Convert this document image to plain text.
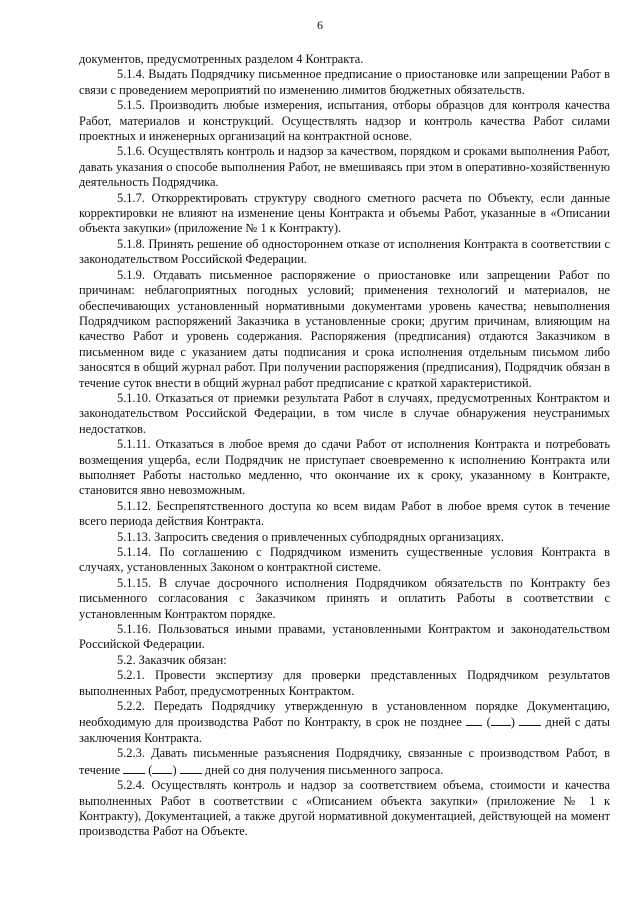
6

документов, предусмотренных разделом 4 Контракта.

5.1.4. Выдать Подрядчику письменное предписание о приостановке или запрещении Работ в связи с проведением мероприятий по изменению лимитов бюджетных обязательств.

5.1.5. Производить любые измерения, испытания, отборы образцов для контроля качества Работ, материалов и конструкций. Осуществлять надзор и контроль качества Работ силами проектных и инженерных организаций на контрактной основе.

5.1.6. Осуществлять контроль и надзор за качеством, порядком и сроками выполнения Работ, давать указания о способе выполнения Работ, не вмешиваясь при этом в оперативно-хозяйственную деятельность Подрядчика.

5.1.7. Откорректировать структуру сводного сметного расчета по Объекту, если данные корректировки не влияют на изменение цены Контракта и объемы Работ, указанные в «Описании объекта закупки» (приложение № 1 к Контракту).

5.1.8. Принять решение об одностороннем отказе от исполнения Контракта в соответствии с законодательством Российской Федерации.

5.1.9. Отдавать письменное распоряжение о приостановке или запрещении Работ по причинам: неблагоприятных погодных условий; применения технологий и материалов, не обеспечивающих установленный нормативными документами уровень качества; невыполнения Подрядчиком распоряжений Заказчика в установленные сроки; другим причинам, влияющим на качество Работ и уровень содержания. Распоряжения (предписания) отдаются Заказчиком в письменном виде с указанием даты подписания и срока исполнения отдельным письмом либо заносятся в общий журнал работ. При получении распоряжения (предписания), Подрядчик обязан в течение суток внести в общий журнал работ предписание с краткой характеристикой.

5.1.10. Отказаться от приемки результата Работ в случаях, предусмотренных Контрактом и законодательством Российской Федерации, в том числе в случае обнаружения неустранимых недостатков.

5.1.11. Отказаться в любое время до сдачи Работ от исполнения Контракта и потребовать возмещения ущерба, если Подрядчик не приступает своевременно к исполнению Контракта или выполняет Работы настолько медленно, что окончание их к сроку, указанному в Контракте, становится явно невозможным.

5.1.12. Беспрепятственного доступа ко всем видам Работ в любое время суток в течение всего периода действия Контракта.

5.1.13. Запросить сведения о привлеченных субподрядных организациях.

5.1.14. По соглашению с Подрядчиком изменить существенные условия Контракта в случаях, установленных Законом о контрактной системе.

5.1.15. В случае досрочного исполнения Подрядчиком обязательств по Контракту без письменного согласования с Заказчиком принять и оплатить Работы в соответствии с установленным Контрактом порядке.

5.1.16. Пользоваться иными правами, установленными Контрактом и законодательством Российской Федерации.

5.2. Заказчик обязан:

5.2.1. Провести экспертизу для проверки представленных Подрядчиком результатов выполненных Работ, предусмотренных Контрактом.

5.2.2. Передать Подрядчику утвержденную в установленном порядке Документацию, необходимую для производства Работ по Контракту, в срок не позднее  ( )  дней с даты заключения Контракта.

5.2.3. Давать письменные разъяснения Подрядчику, связанные с производством Работ, в течение  ( )  дней со дня получения письменного запроса.

5.2.4. Осуществлять контроль и надзор за соответствием объема, стоимости и качества выполненных Работ в соответствии с «Описанием объекта закупки» (приложение № 1 к Контракту), Документацией, а также другой нормативной документацией, действующей на момент производства Работ на Объекте.
